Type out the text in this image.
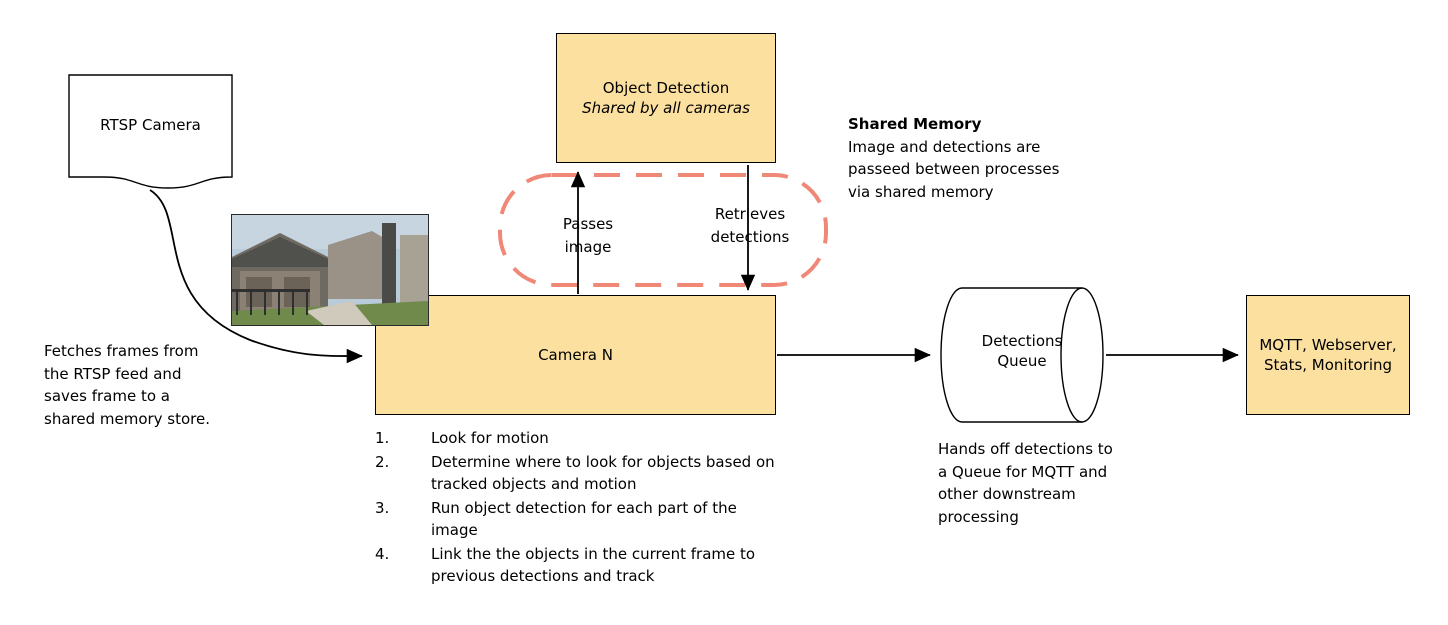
RTSP Camera
Object Detection
Shared by all cameras
Camera N
Detections
Queue
MQTT, Webserver,
Stats, Monitoring
Passes
image
Retrieves
detections
Shared Memory
Image and detections are passeed between processes via shared memory
Fetches frames from the RTSP feed and saves frame to a shared memory store.
Hands off detections to a Queue for MQTT and other downstream processing
1.	Look for motion
2.	Determine where to look for objects based on tracked objects and motion
3.	Run object detection for each part of the image
4.	Link the the objects in the current frame to previous detections and track
